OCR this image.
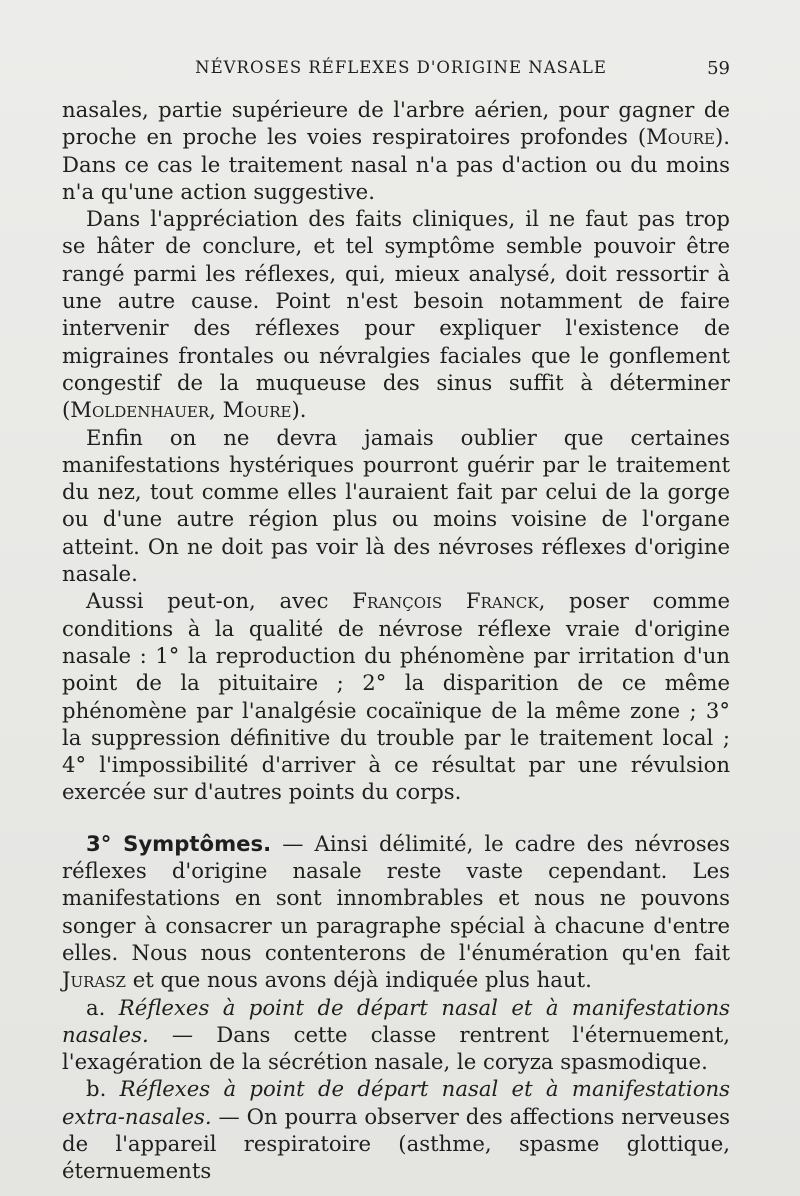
NÉVROSES RÉFLEXES D'ORIGINE NASALE	59

nasales, partie supérieure de l'arbre aérien, pour gagner de proche en proche les voies respiratoires profondes (Moure). Dans ce cas le traitement nasal n'a pas d'action ou du moins n'a qu'une action suggestive.

Dans l'appréciation des faits cliniques, il ne faut pas trop se hâter de conclure, et tel symptôme semble pouvoir être rangé parmi les réflexes, qui, mieux analysé, doit ressortir à une autre cause. Point n'est besoin notamment de faire intervenir des réflexes pour expliquer l'existence de migraines frontales ou névralgies faciales que le gonflement congestif de la muqueuse des sinus suffit à déterminer (Moldenhauer, Moure).

Enfin on ne devra jamais oublier que certaines manifestations hystériques pourront guérir par le traitement du nez, tout comme elles l'auraient fait par celui de la gorge ou d'une autre région plus ou moins voisine de l'organe atteint. On ne doit pas voir là des névroses réflexes d'origine nasale.

Aussi peut-on, avec François Franck, poser comme conditions à la qualité de névrose réflexe vraie d'origine nasale : 1° la reproduction du phénomène par irritation d'un point de la pituitaire ; 2° la disparition de ce même phénomène par l'analgésie cocaïnique de la même zone ; 3° la suppression définitive du trouble par le traitement local ; 4° l'impossibilité d'arriver à ce résultat par une révulsion exercée sur d'autres points du corps.

3° Symptômes. — Ainsi délimité, le cadre des névroses réflexes d'origine nasale reste vaste cependant. Les manifestations en sont innombrables et nous ne pouvons songer à consacrer un paragraphe spécial à chacune d'entre elles. Nous nous contenterons de l'énumération qu'en fait Jurasz et que nous avons déjà indiquée plus haut.

a. Réflexes à point de départ nasal et à manifestations nasales. — Dans cette classe rentrent l'éternuement, l'exagération de la sécrétion nasale, le coryza spasmodique.

b. Réflexes à point de départ nasal et à manifestations extra-nasales. — On pourra observer des affections nerveuses de l'appareil respiratoire (asthme, spasme glottique, éternuements
